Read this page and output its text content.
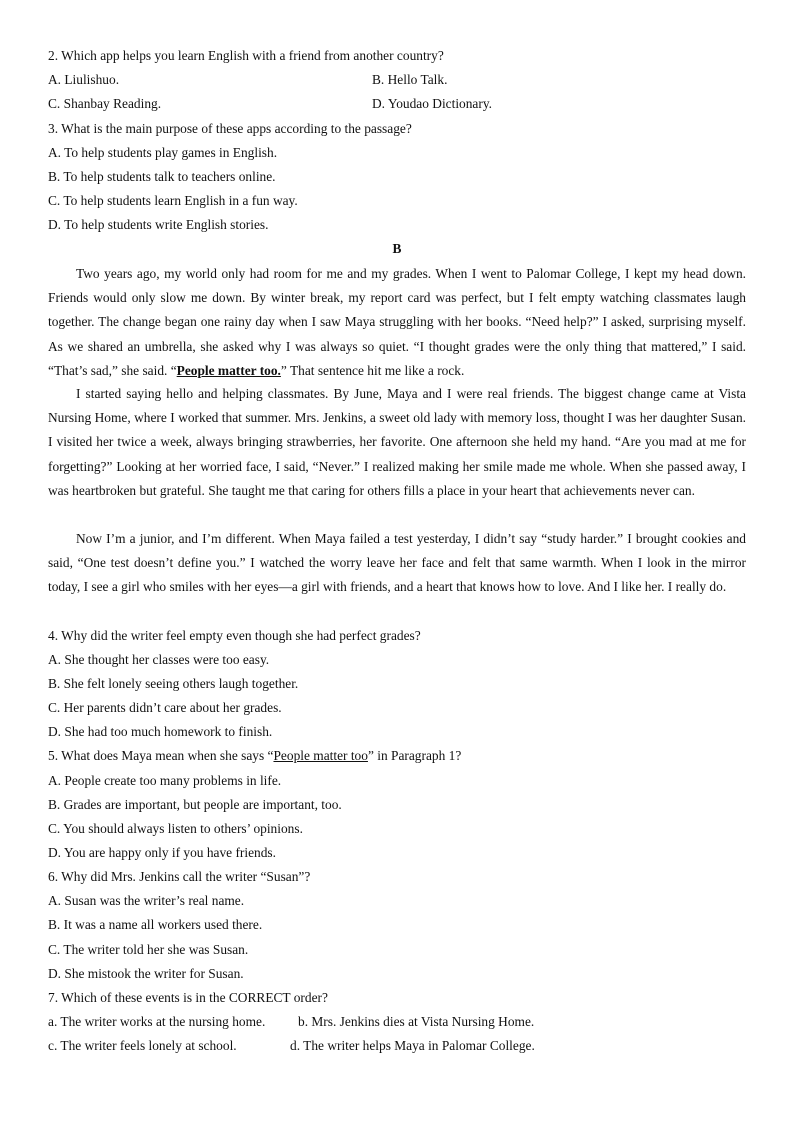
2. Which app helps you learn English with a friend from another country?
A. Liulishuo.	B. Hello Talk.
C. Shanbay Reading.	D. Youdao Dictionary.
3. What is the main purpose of these apps according to the passage?
A. To help students play games in English.
B. To help students talk to teachers online.
C. To help students learn English in a fun way.
D. To help students write English stories.
B
Two years ago, my world only had room for me and my grades. When I went to Palomar College, I kept my head down. Friends would only slow me down. By winter break, my report card was perfect, but I felt empty watching classmates laugh together. The change began one rainy day when I saw Maya struggling with her books. “Need help?” I asked, surprising myself. As we shared an umbrella, she asked why I was always so quiet. “I thought grades were the only thing that mattered,” I said. “That’s sad,” she said. “People matter too.” That sentence hit me like a rock.
I started saying hello and helping classmates. By June, Maya and I were real friends. The biggest change came at Vista Nursing Home, where I worked that summer. Mrs. Jenkins, a sweet old lady with memory loss, thought I was her daughter Susan. I visited her twice a week, always bringing strawberries, her favorite. One afternoon she held my hand. “Are you mad at me for forgetting?” Looking at her worried face, I said, “Never.” I realized making her smile made me whole. When she passed away, I was heartbroken but grateful. She taught me that caring for others fills a place in your heart that achievements never can.
Now I’m a junior, and I’m different. When Maya failed a test yesterday, I didn’t say “study harder.” I brought cookies and said, “One test doesn’t define you.” I watched the worry leave her face and felt that same warmth. When I look in the mirror today, I see a girl who smiles with her eyes—a girl with friends, and a heart that knows how to love. And I like her. I really do.
4. Why did the writer feel empty even though she had perfect grades?
A. She thought her classes were too easy.
B. She felt lonely seeing others laugh together.
C. Her parents didn’t care about her grades.
D. She had too much homework to finish.
5. What does Maya mean when she says “People matter too” in Paragraph 1?
A. People create too many problems in life.
B. Grades are important, but people are important, too.
C. You should always listen to others’ opinions.
D. You are happy only if you have friends.
6. Why did Mrs. Jenkins call the writer “Susan”?
A. Susan was the writer’s real name.
B. It was a name all workers used there.
C. The writer told her she was Susan.
D. She mistook the writer for Susan.
7. Which of these events is in the CORRECT order?
a. The writer works at the nursing home. b. Mrs. Jenkins dies at Vista Nursing Home.
c. The writer feels lonely at school.	d. The writer helps Maya in Palomar College.
